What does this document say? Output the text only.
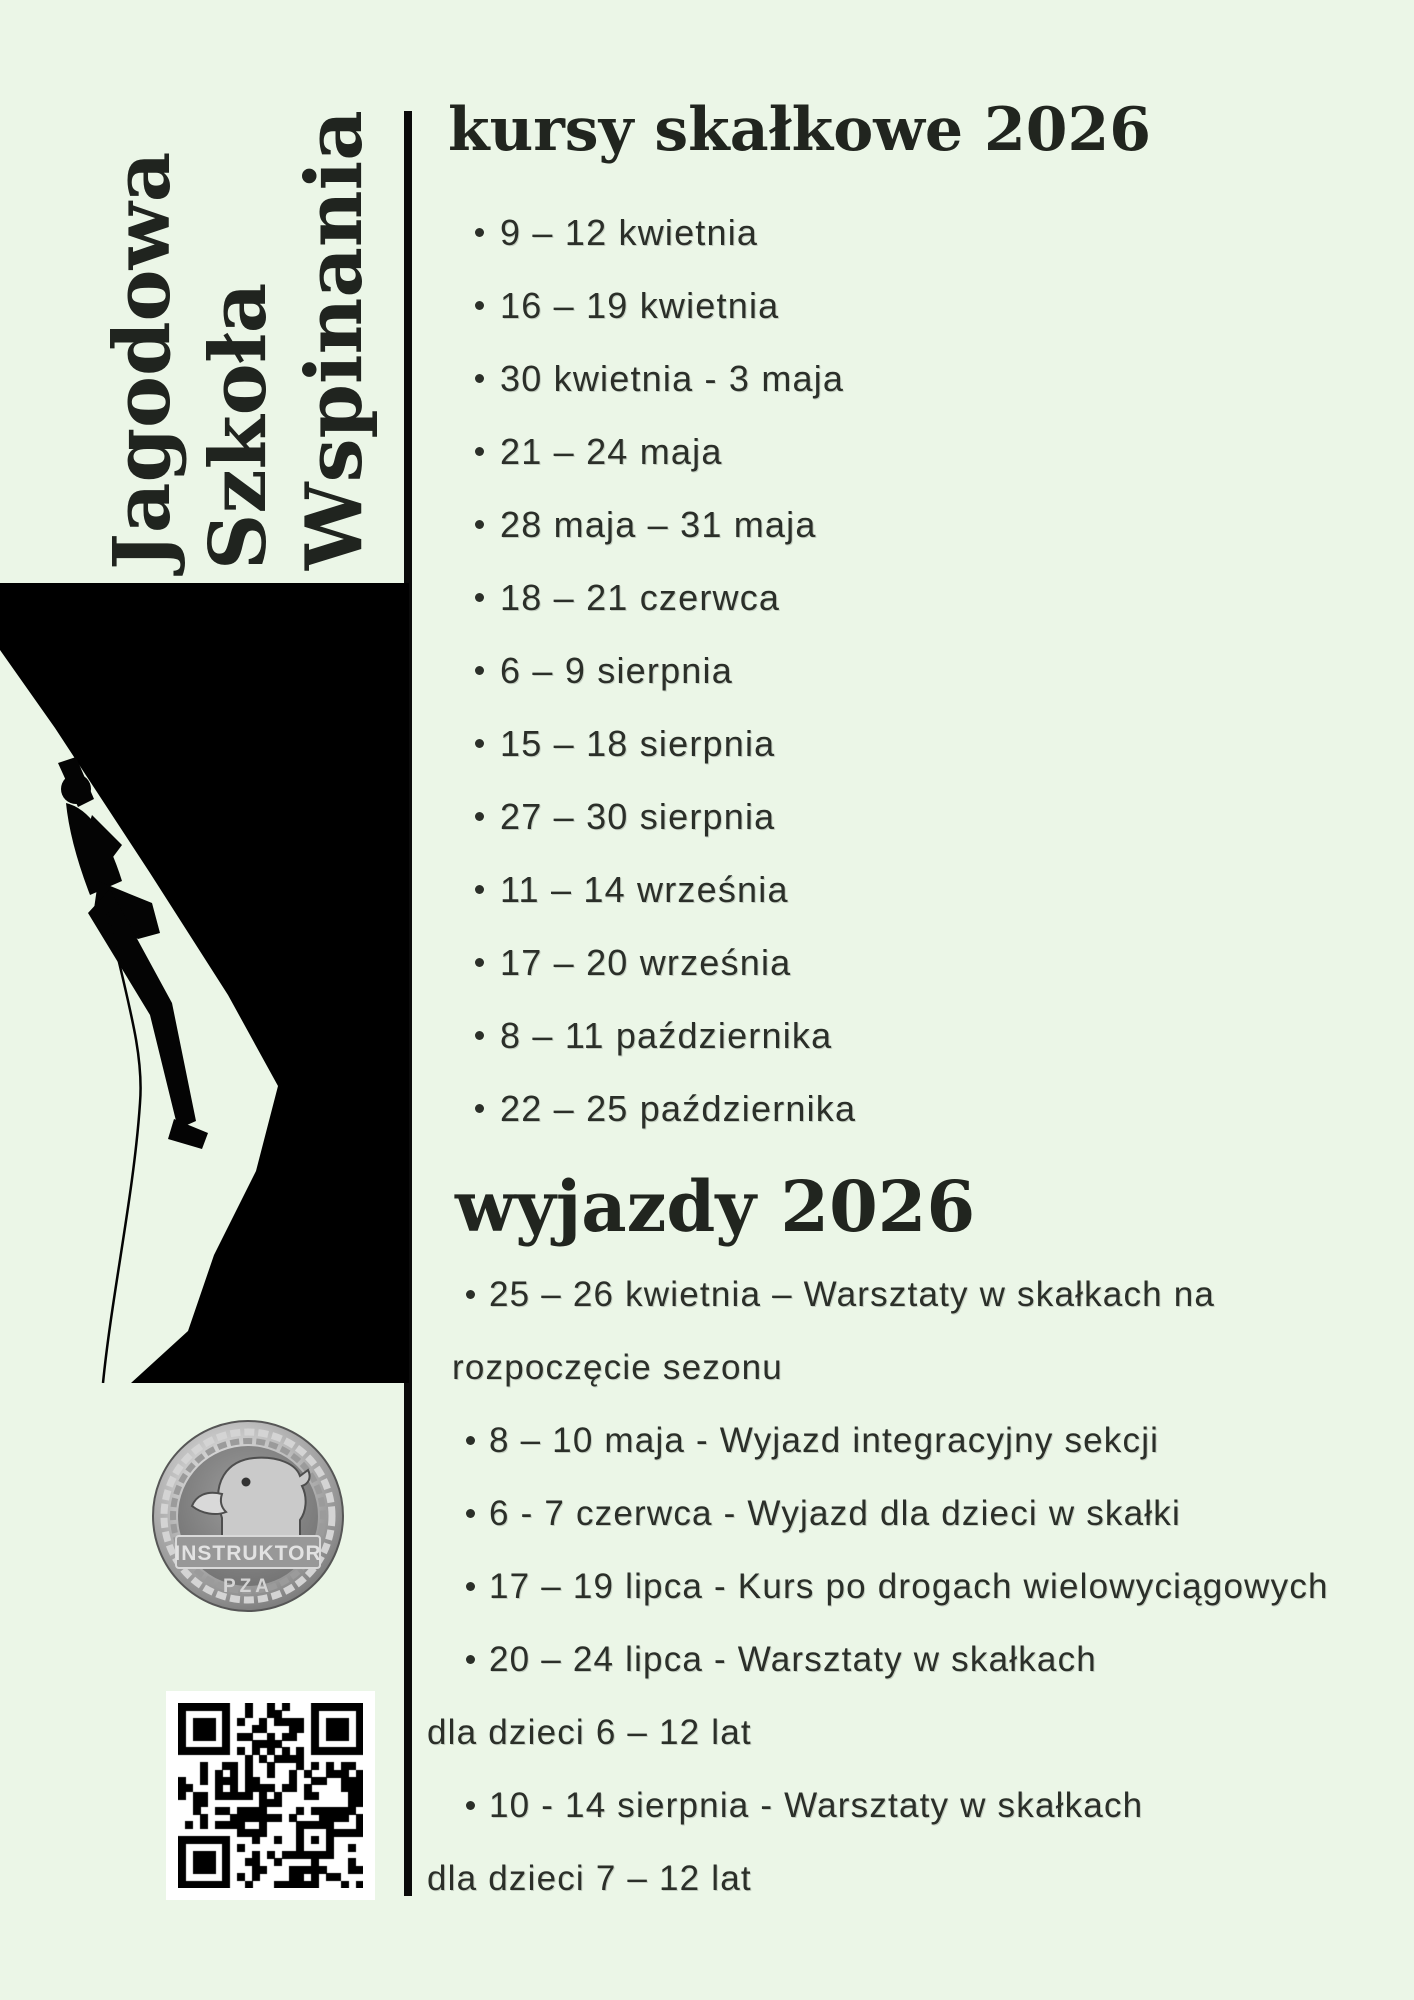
Jagodowa Szkoła Wspinania kursy skałkowe 2026
9 – 12 kwietnia
16 – 19 kwietnia
30 kwietnia - 3 maja
21 – 24 maja
28 maja – 31 maja
18 – 21 czerwca
6 – 9 sierpnia
15 – 18 sierpnia
27 – 30 sierpnia
11 – 14 września
17 – 20 września
8 – 11 października
22 – 25 października
wyjazdy 2026
25 – 26 kwietnia – Warsztaty w skałkach na
rozpoczęcie sezonu
8 – 10 maja - Wyjazd integracyjny sekcji
6 - 7 czerwca - Wyjazd dla dzieci w skałki
17 – 19 lipca - Kurs po drogach wielowyciągowych
20 – 24 lipca - Warsztaty w skałkach
dla dzieci 6 – 12 lat
10 - 14 sierpnia - Warsztaty w skałkach
dla dzieci 7 – 12 lat
INSTRUKTOR
PZA
